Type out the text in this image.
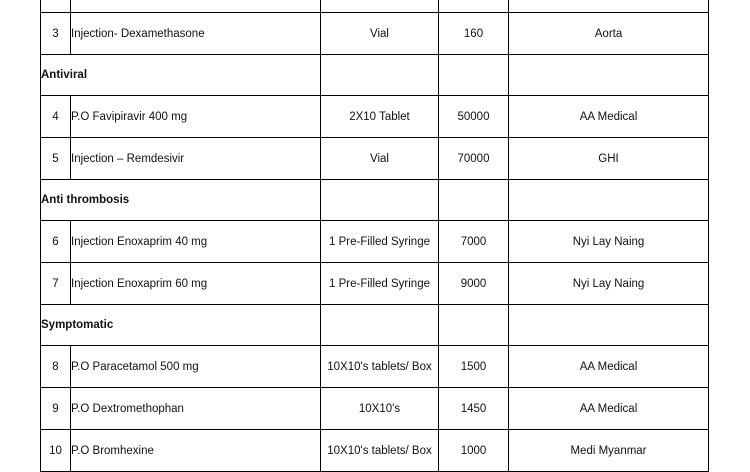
3	Injection- Dexamethasone	Vial	160	Aorta
Antiviral				
4	P.O Favipiravir 400 mg	2X10 Tablet	50000	AA Medical
5	Injection – Remdesivir	Vial	70000	GHI
Anti thrombosis				
6	Injection Enoxaprim 40 mg	1 Pre-Filled Syringe	7000	Nyi Lay Naing
7	Injection Enoxaprim 60 mg	1 Pre-Filled Syringe	9000	Nyi Lay Naing
Symptomatic				
8	P.O Paracetamol 500 mg	10X10's tablets/ Box	1500	AA Medical
9	P.O Dextromethophan	10X10's	1450	AA Medical
10	P.O Bromhexine	10X10's tablets/ Box	1000	Medi Myanmar
